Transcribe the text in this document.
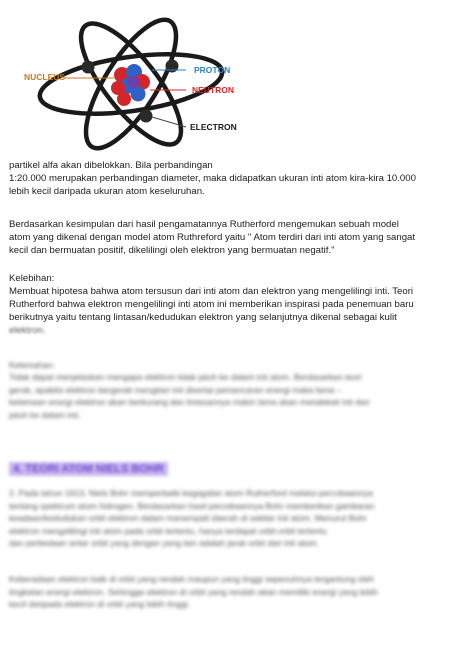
NUCLEUS
PROTON
NEUTRON
ELECTRON

partikel alfa akan dibelokkan. Bila perbandingan

1:20.000 merupakan perbandingan diameter, maka didapatkan ukuran inti atom kira-kira 10.000

lebih kecil daripada ukuran atom keseluruhan.

Berdasarkan kesimpulan dari hasil pengamatannya Rutherford mengemukan sebuah model

atom yang dikenal dengan model atom Ruthreford yaitu " Atom terdiri dari inti atom yang sangat

kecil dan bermuatan positif, dikelilingi oleh elektron yang bermuatan negatif."

Kelebihan:

Membuat hipotesa bahwa atom tersusun dari inti atom dan elektron yang mengelilingi inti. Teori

Rutherford bahwa elektron mengelilingi inti atom ini memberikan inspirasi pada penemuan baru

berikutnya yaitu tentang lintasan/kedudukan elektron yang selanjutnya dikenal sebagai kulit

elektron.

Kelemahan:

Tidak dapat menjelaskan mengapa elektron tidak jatuh ke dalam inti atom. Berdasarkan teori

gerak, apabila elektron bergerak mengitari inti disertai pemancaran energi maka lama –

kelamaan energi elektron akan berkurang dan lintasannya makin lama akan mendekati inti dan

jatuh ke dalam inti.

4. TEORI ATOM NIELS BOHR

2. Pada tahun 1913, Niels Bohr memperbaiki kegagalan atom Rutherford melalui percobaannya

tentang spektrum atom hidrogen. Berdasarkan hasil percobaannya Bohr memberikan gambaran

keadaan/kedudukan orbit elektron dalam menempati daerah di sekitar inti atom. Menurut Bohr

elektron mengelilingi inti atom pada orbit tertentu, hanya terdapat orbit-orbit tertentu

dan perbedaan antar orbit yang dengan yang lain adalah jarak orbit dari inti atom.

Keberadaan elektron baik di orbit yang rendah maupun yang tinggi sepenuhnya tergantung oleh

tingkatan energi elektron. Sehingga elektron di orbit yang rendah akan memiliki energi yang lebih

kecil daripada elektron di orbit yang lebih tinggi.
